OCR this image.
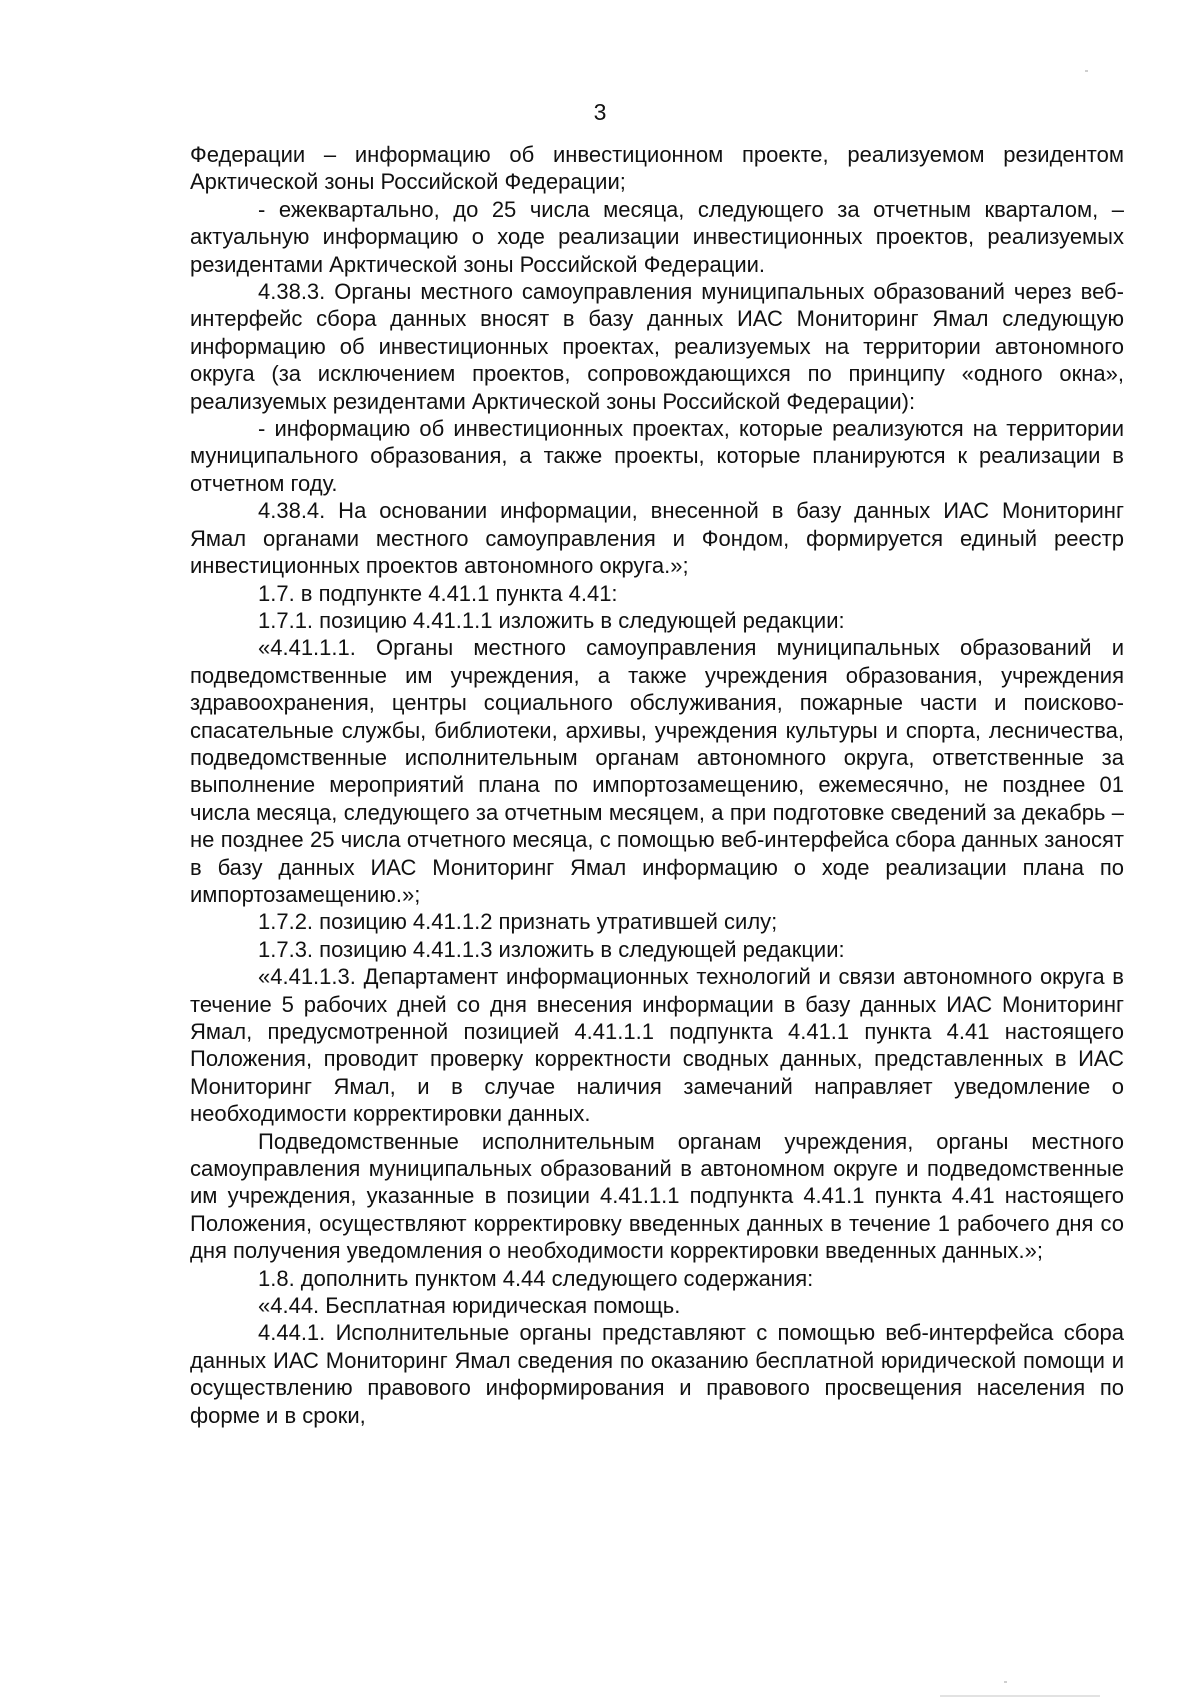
3

Федерации – информацию об инвестиционном проекте, реализуемом резидентом Арктической зоны Российской Федерации;

- ежеквартально, до 25 числа месяца, следующего за отчетным кварталом, – актуальную информацию о ходе реализации инвестиционных проектов, реализуемых резидентами Арктической зоны Российской Федерации.

4.38.3. Органы местного самоуправления муниципальных образований через веб-интерфейс сбора данных вносят в базу данных ИАС Мониторинг Ямал следующую информацию об инвестиционных проектах, реализуемых на территории автономного округа (за исключением проектов, сопровождающихся по принципу «одного окна», реализуемых резидентами Арктической зоны Российской Федерации):

- информацию об инвестиционных проектах, которые реализуются на территории муниципального образования, а также проекты, которые планируются к реализации в отчетном году.

4.38.4. На основании информации, внесенной в базу данных ИАС Мониторинг Ямал органами местного самоуправления и Фондом, формируется единый реестр инвестиционных проектов автономного округа.»;

1.7. в подпункте 4.41.1 пункта 4.41:

1.7.1. позицию 4.41.1.1 изложить в следующей редакции:

«4.41.1.1. Органы местного самоуправления муниципальных образований и подведомственные им учреждения, а также учреждения образования, учреждения здравоохранения, центры социального обслуживания, пожарные части и поисково-спасательные службы, библиотеки, архивы, учреждения культуры и спорта, лесничества, подведомственные исполнительным органам автономного округа, ответственные за выполнение мероприятий плана по импортозамещению, ежемесячно, не позднее 01 числа месяца, следующего за отчетным месяцем, а при подготовке сведений за декабрь – не позднее 25 числа отчетного месяца, с помощью веб-интерфейса сбора данных заносят в базу данных ИАС Мониторинг Ямал информацию о ходе реализации плана по импортозамещению.»;

1.7.2. позицию 4.41.1.2 признать утратившей силу;

1.7.3. позицию 4.41.1.3 изложить в следующей редакции:

«4.41.1.3. Департамент информационных технологий и связи автономного округа в течение 5 рабочих дней со дня внесения информации в базу данных ИАС Мониторинг Ямал, предусмотренной позицией 4.41.1.1 подпункта 4.41.1 пункта 4.41 настоящего Положения, проводит проверку корректности сводных данных, представленных в ИАС Мониторинг Ямал, и в случае наличия замечаний направляет уведомление о необходимости корректировки данных.

Подведомственные исполнительным органам учреждения, органы местного самоуправления муниципальных образований в автономном округе и подведомственные им учреждения, указанные в позиции 4.41.1.1 подпункта 4.41.1 пункта 4.41 настоящего Положения, осуществляют корректировку введенных данных в течение 1 рабочего дня со дня получения уведомления о необходимости корректировки введенных данных.»;

1.8. дополнить пунктом 4.44 следующего содержания:

«4.44. Бесплатная юридическая помощь.

4.44.1. Исполнительные органы представляют с помощью веб-интерфейса сбора данных ИАС Мониторинг Ямал сведения по оказанию бесплатной юридической помощи и осуществлению правового информирования и правового просвещения населения по форме и в сроки,
